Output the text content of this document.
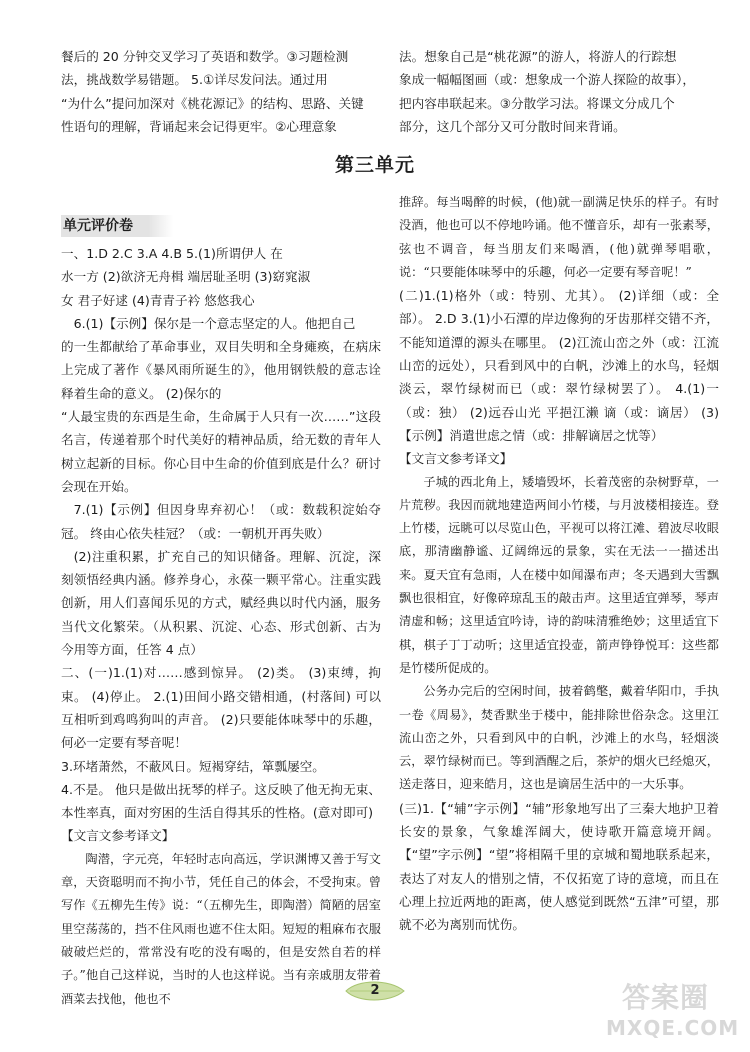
餐后的 20 分钟交叉学习了英语和数学。③习题检测

法，挑战数学易错题。 5.①详尽发问法。通过用

“为什么”提问加深对《桃花源记》的结构、思路、关键

性语句的理解，背诵起来会记得更牢。②心理意象

法。想象自己是“桃花源”的游人，将游人的行踪想

象成一幅幅图画（或：想象成一个游人探险的故事），

把内容串联起来。③分散学习法。将课文分成几个

部分，这几个部分又可分散时间来背诵。

第三单元
单元评价卷

一、1.D 2.C 3.A 4.B 5.(1)所谓伊人 在

水一方 (2)欲济无舟楫 端居耻圣明 (3)窈窕淑

女 君子好逑 (4)青青子衿 悠悠我心

6.(1)【示例】保尔是一个意志坚定的人。他把自己

的一生都献给了革命事业，双目失明和全身瘫痪，在病床上完成了著作《暴风雨所诞生的》，他用钢铁般的意志诠释着生命的意义。 (2)保尔的

“人最宝贵的东西是生命，生命属于人只有一次……”这段名言，传递着那个时代美好的精神品质，给无数的青年人树立起新的目标。你心目中生命的价值到底是什么？研讨会现在开始。

7.(1)【示例】但因身卑弃初心！（或：数载积淀始夺冠。 终由心依失桂冠？（或：一朝机开再失败）

(2)注重积累，扩充自己的知识储备。理解、沉淀，深刻领悟经典内涵。修养身心，永葆一颗平常心。注重实践创新，用人们喜闻乐见的方式，赋经典以时代内涵，服务当代文化繁荣。（从积累、沉淀、心态、形式创新、古为今用等方面，任答 4 点）

二、(一)1.(1)对……感到惊异。 (2)类。 (3)束缚，拘束。 (4)停止。 2.(1)田间小路交错相通，(村落间) 可以互相听到鸡鸣狗叫的声音。 (2)只要能体味琴中的乐趣，何必一定要有琴音呢！

3.环堵萧然，不蔽风日。短褐穿结，箪瓢屡空。

4.不是。 他只是做出抚琴的样子。这反映了他无拘无束、本性率真，面对穷困的生活自得其乐的性格。(意对即可)

【文言文参考译文】

陶潜，字元亮，年轻时志向高远，学识渊博又善于写文章，天资聪明而不拘小节，凭任自己的体会，不受拘束。曾写作《五柳先生传》说：“（五柳先生，即陶潜）简陋的居室里空荡荡的，挡不住风雨也遮不住太阳。短短的粗麻布衣服破破烂烂的，常常没有吃的没有喝的，但是安然自若的样子。”他自己这样说，当时的人也这样说。当有亲戚朋友带着酒菜去找他，他也不

推辞。每当喝醉的时候，(他)就一副满足快乐的样子。有时没酒，他也可以不停地吟诵。他不懂音乐，却有一张素琴，弦也不调音，每当朋友们来喝酒，(他)就弹琴唱歌，说：“只要能体味琴中的乐趣，何必一定要有琴音呢！”

(二)1.(1)格外（或：特别、尤其）。 (2)详细（或：全部）。 2.D 3.(1)小石潭的岸边像狗的牙齿那样交错不齐，不能知道潭的源头在哪里。 (2)江流山峦之外（或：江流山峦的远处），只看到风中的白帆，沙滩上的水鸟，轻烟淡云，翠竹绿树而已（或：翠竹绿树罢了）。 4.(1)一（或：独） (2)远吞山光 平挹江濑 谪（或：谪居） (3)【示例】消遣世虑之情（或：排解谪居之忧等）

【文言文参考译文】

子城的西北角上，矮墙毁坏，长着茂密的杂树野草，一片荒秽。我因而就地建造两间小竹楼，与月波楼相接连。登上竹楼，远眺可以尽览山色，平视可以将江滩、碧波尽收眼底，那清幽静谧、辽阔绵远的景象，实在无法一一描述出来。夏天宜有急雨，人在楼中如闻瀑布声；冬天遇到大雪飘飘也很相宜，好像碎琼乱玉的敲击声。这里适宜弹琴，琴声清虚和畅；这里适宜吟诗，诗的韵味清雅绝妙；这里适宜下棋，棋子丁丁动听；这里适宜投壶，箭声铮铮悦耳：这些都是竹楼所促成的。

公务办完后的空闲时间，披着鹤氅，戴着华阳巾，手执一卷《周易》，焚香默坐于楼中，能排除世俗杂念。这里江流山峦之外，只看到风中的白帆，沙滩上的水鸟，轻烟淡云，翠竹绿树而已。等到酒醒之后，茶炉的烟火已经熄灭，送走落日，迎来皓月，这也是谪居生活中的一大乐事。

(三)1.【“辅”字示例】“辅”形象地写出了三秦大地护卫着长安的景象，气象雄浑阔大，使诗歌开篇意境开阔。 【“望”字示例】“望”将相隔千里的京城和蜀地联系起来，表达了对友人的惜别之情，不仅拓宽了诗的意境，而且在心理上拉近两地的距离，使人感觉到既然“五津”可望，那就不必为离别而忧伤。

2	答案圈
MXQE.COM
